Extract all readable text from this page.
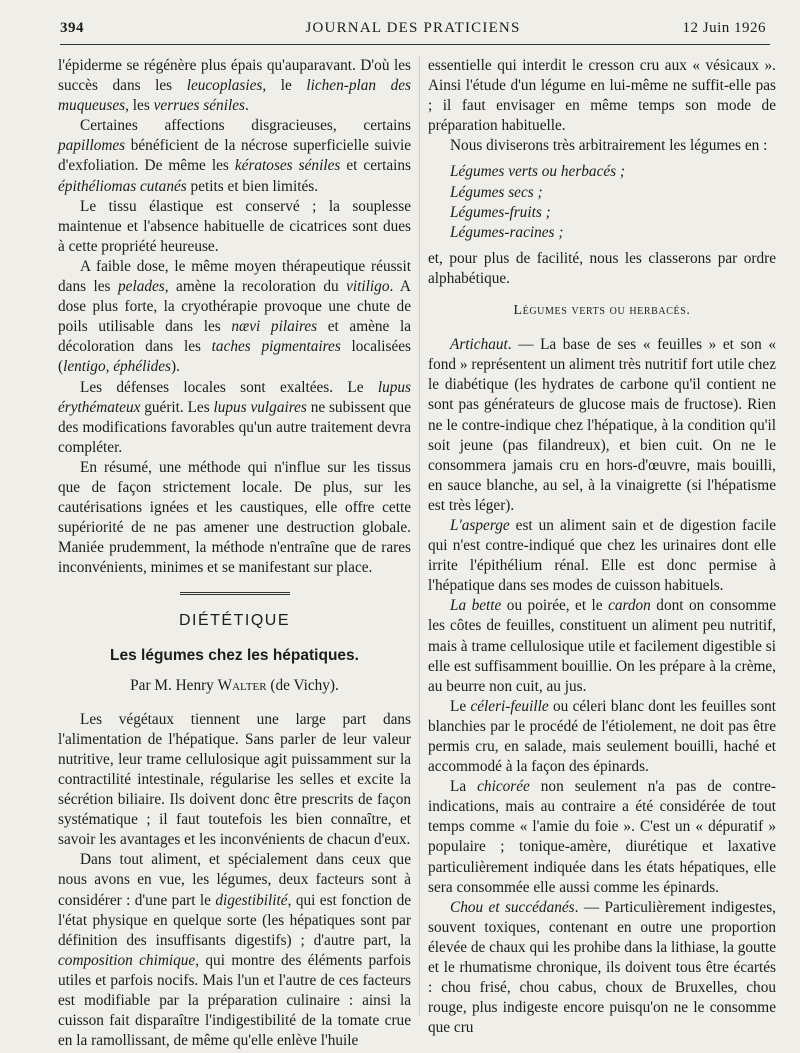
394	JOURNAL DES PRATICIENS	12 Juin 1926

l'épiderme se régénère plus épais qu'auparavant. D'où les succès dans les leucoplasies, le lichen-plan des muqueuses, les verrues séniles.

Certaines affections disgracieuses, certains papillomes bénéficient de la nécrose superficielle suivie d'exfoliation. De même les kératoses séniles et certains épithéliomas cutanés petits et bien limités.

Le tissu élastique est conservé ; la souplesse maintenue et l'absence habituelle de cicatrices sont dues à cette propriété heureuse.

A faible dose, le même moyen thérapeutique réussit dans les pelades, amène la recoloration du vitiligo. A dose plus forte, la cryothérapie provoque une chute de poils utilisable dans les nævi pilaires et amène la décoloration dans les taches pigmentaires localisées (lentigo, éphélides).

Les défenses locales sont exaltées. Le lupus érythémateux guérit. Les lupus vulgaires ne subissent que des modifications favorables qu'un autre traitement devra compléter.

En résumé, une méthode qui n'influe sur les tissus que de façon strictement locale. De plus, sur les cautérisations ignées et les caustiques, elle offre cette supériorité de ne pas amener une destruction globale. Maniée prudemment, la méthode n'entraîne que de rares inconvénients, minimes et se manifestant sur place.

DIÉTÉTIQUE
Les légumes chez les hépatiques.
Par M. Henry Walter (de Vichy).

Les végétaux tiennent une large part dans l'alimentation de l'hépatique. Sans parler de leur valeur nutritive, leur trame cellulosique agit puissamment sur la contractilité intestinale, régularise les selles et excite la sécrétion biliaire. Ils doivent donc être prescrits de façon systématique ; il faut toutefois les bien connaître, et savoir les avantages et les inconvénients de chacun d'eux.

Dans tout aliment, et spécialement dans ceux que nous avons en vue, les légumes, deux facteurs sont à considérer : d'une part le digestibilité, qui est fonction de l'état physique en quelque sorte (les hépatiques sont par définition des insuffisants digestifs) ; d'autre part, la composition chimique, qui montre des éléments parfois utiles et parfois nocifs. Mais l'un et l'autre de ces facteurs est modifiable par la préparation culinaire : ainsi la cuisson fait disparaître l'indigestibilité de la tomate crue en la ramollissant, de même qu'elle enlève l'huile

essentielle qui interdit le cresson cru aux « vésicaux ». Ainsi l'étude d'un légume en lui-même ne suffit-elle pas ; il faut envisager en même temps son mode de préparation habituelle.

Nous diviserons très arbitrairement les légumes en :

Légumes verts ou herbacés ;
Légumes secs ;
Légumes-fruits ;
Légumes-racines ;

et, pour plus de facilité, nous les classerons par ordre alphabétique.

Légumes verts ou herbacés.

Artichaut. — La base de ses « feuilles » et son « fond » représentent un aliment très nutritif fort utile chez le diabétique (les hydrates de carbone qu'il contient ne sont pas générateurs de glucose mais de fructose). Rien ne le contre-indique chez l'hépatique, à la condition qu'il soit jeune (pas filandreux), et bien cuit. On ne le consommera jamais cru en hors-d'œuvre, mais bouilli, en sauce blanche, au sel, à la vinaigrette (si l'hépatisme est très léger).

L'asperge est un aliment sain et de digestion facile qui n'est contre-indiqué que chez les urinaires dont elle irrite l'épithélium rénal. Elle est donc permise à l'hépatique dans ses modes de cuisson habituels.

La bette ou poirée, et le cardon dont on consomme les côtes de feuilles, constituent un aliment peu nutritif, mais à trame cellulosique utile et facilement digestible si elle est suffisamment bouillie. On les prépare à la crème, au beurre non cuit, au jus.

Le céleri-feuille ou céleri blanc dont les feuilles sont blanchies par le procédé de l'étiolement, ne doit pas être permis cru, en salade, mais seulement bouilli, haché et accommodé à la façon des épinards.

La chicorée non seulement n'a pas de contre-indications, mais au contraire a été considérée de tout temps comme « l'amie du foie ». C'est un « dépuratif » populaire ; tonique-amère, diurétique et laxative particulièrement indiquée dans les états hépatiques, elle sera consommée elle aussi comme les épinards.

Chou et succédanés. — Particulièrement indigestes, souvent toxiques, contenant en outre une proportion élevée de chaux qui les prohibe dans la lithiase, la goutte et le rhumatisme chronique, ils doivent tous être écartés : chou frisé, chou cabus, choux de Bruxelles, chou rouge, plus indigeste encore puisqu'on ne le consomme que cru
